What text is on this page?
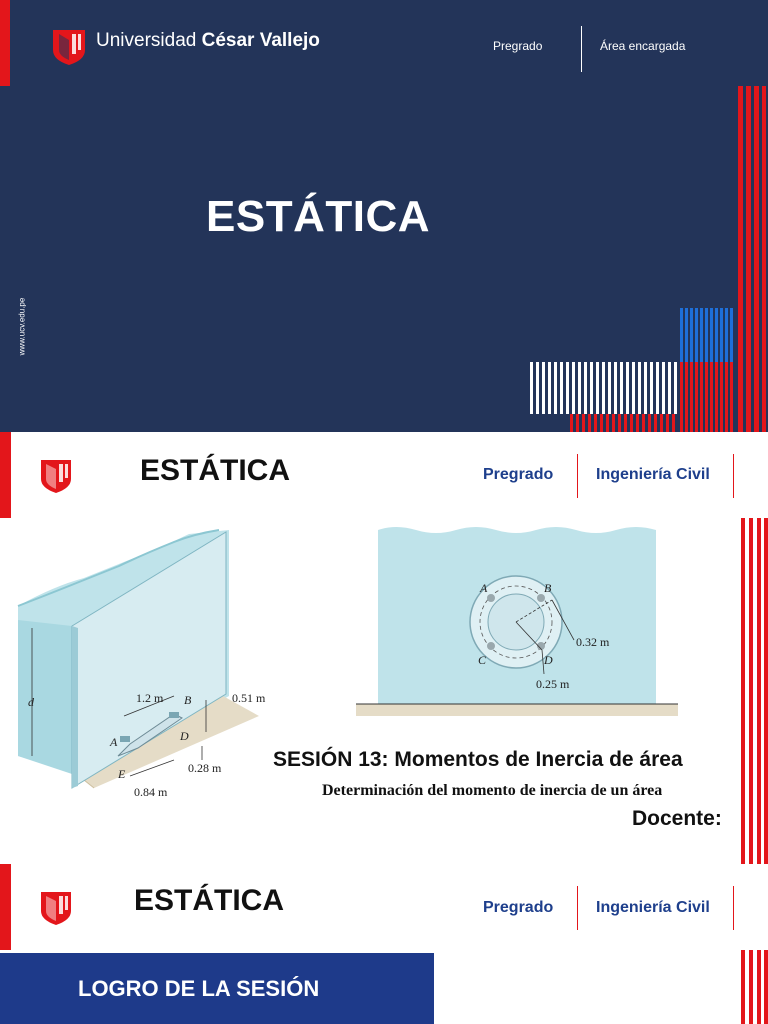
Universidad César Vallejo	Pregrado	Área encargada
ESTÁTICA
www.ucv.edu.pe
ESTÁTICA	Pregrado	Ingeniería Civil
d	1.2 m B	0.51 m
A	D
0.28 m
E
0.84 m
A	B
C	D
0.32 m
0.25 m
SESIÓN 13: Momentos de Inercia de área
Determinación del momento de inercia de un área
Docente:
ESTÁTICA	Pregrado	Ingeniería Civil
LOGRO DE LA SESIÓN
